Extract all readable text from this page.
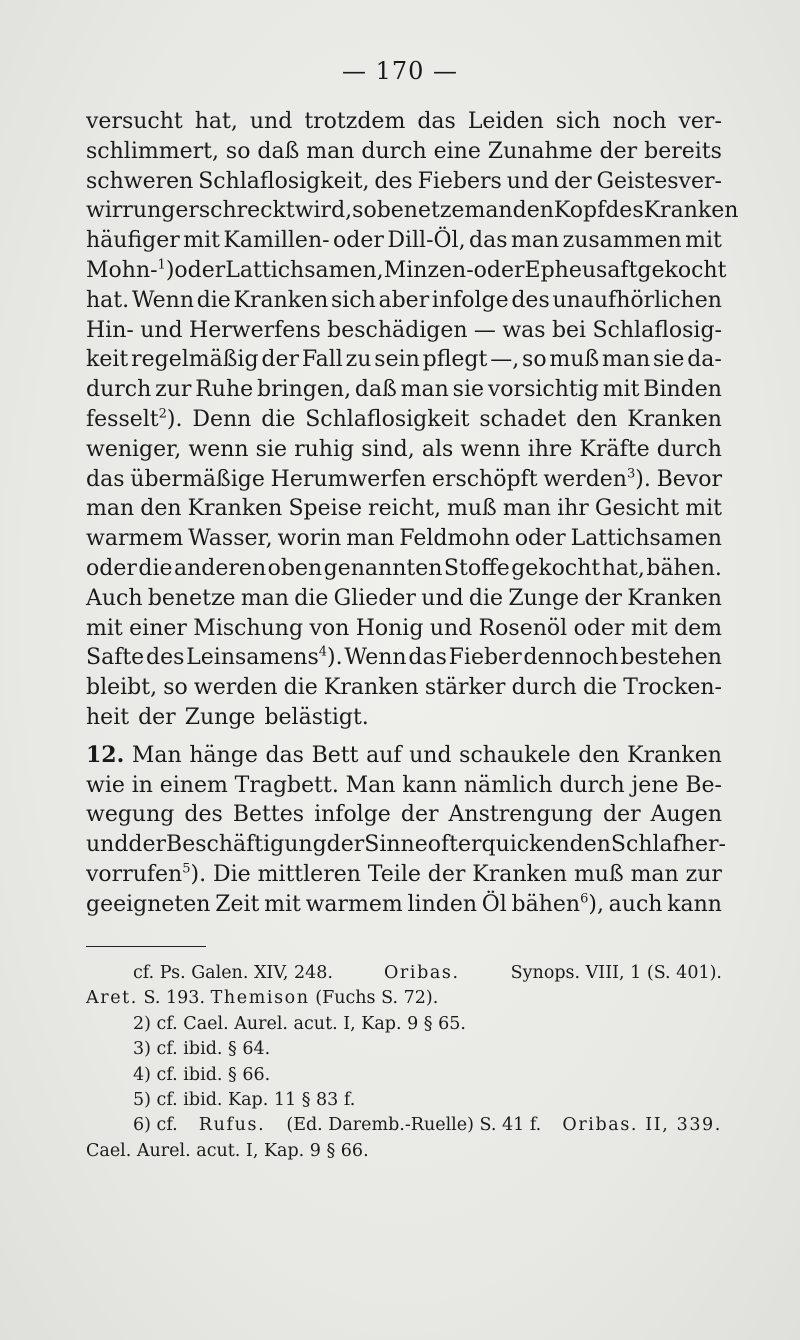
— 170 —
versucht hat, und trotzdem das Leiden sich noch ver-
schlimmert, so daß man durch eine Zunahme der bereits
schweren Schlaflosigkeit, des Fiebers und der Geistesver-
wirrung erschreckt wird, so benetze man den Kopf des Kranken
häufiger mit Kamillen- oder Dill-Öl, das man zusammen mit
Mohn-$^1$) oder Lattichsamen, Minzen- oder Epheusaft gekocht
hat. Wenn die Kranken sich aber infolge des unaufhörlichen
Hin- und Herwerfens beschädigen — was bei Schlaflosig-
keit regelmäßig der Fall zu sein pflegt —, so muß man sie da-
durch zur Ruhe bringen, daß man sie vorsichtig mit Binden
fesselt$^2$). Denn die Schlaflosigkeit schadet den Kranken
weniger, wenn sie ruhig sind, als wenn ihre Kräfte durch
das übermäßige Herumwerfen erschöpft werden$^3$). Bevor
man den Kranken Speise reicht, muß man ihr Gesicht mit
warmem Wasser, worin man Feldmohn oder Lattichsamen
oder die anderen oben genannten Stoffe gekocht hat, bähen.
Auch benetze man die Glieder und die Zunge der Kranken
mit einer Mischung von Honig und Rosenöl oder mit dem
Safte des Leinsamens$^4$). Wenn das Fieber dennoch bestehen
bleibt, so werden die Kranken stärker durch die Trocken-
heit der Zunge belästigt.
12. Man hänge das Bett auf und schaukele den Kranken
wie in einem Tragbett. Man kann nämlich durch jene Be-
wegung des Bettes infolge der Anstrengung der Augen
und der Beschäftigung der Sinne oft erquickenden Schlaf her-
vorrufen$^5$). Die mittleren Teile der Kranken muß man zur
geeigneten Zeit mit warmem linden Öl bähen$^6$), auch kann
cf. Ps. Galen. XIV, 248.	Oribas.	Synops. VIII, 1 (S. 401).
Aret. S. 193. Themison (Fuchs S. 72).
2) cf. Cael. Aurel. acut. I, Kap. 9 § 65.
3) cf. ibid. § 64.
4) cf. ibid. § 66.
5) cf. ibid. Kap. 11 § 83 f.
6) cf. Rufus. (Ed. Daremb.-Ruelle) S. 41 f. Oribas. II, 339.
Cael. Aurel. acut. I, Kap. 9 § 66.
